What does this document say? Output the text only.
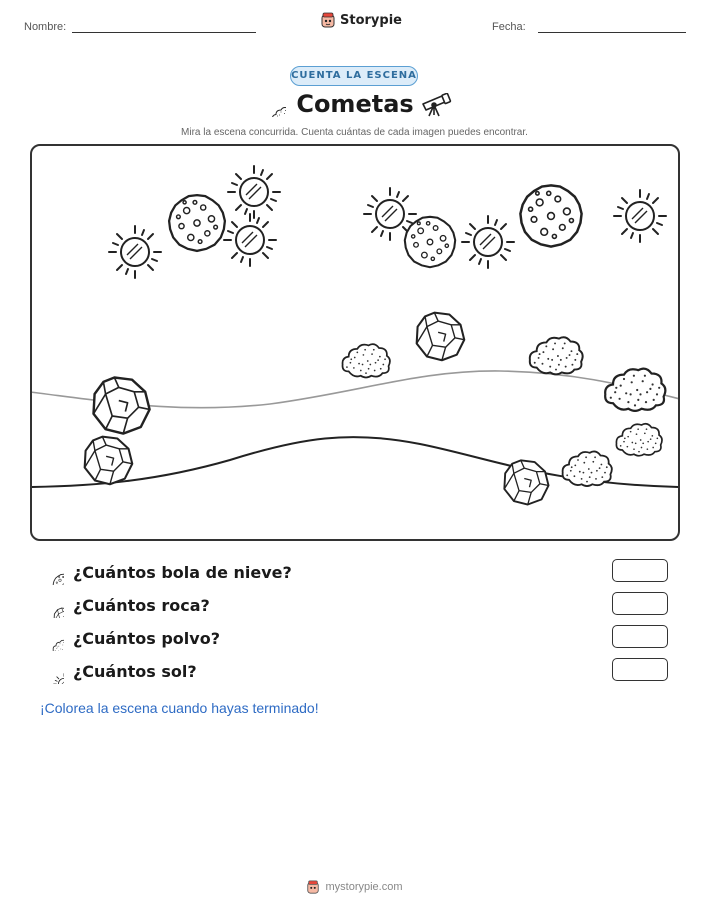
Nombre:	Storypie	Fecha:
CUENTA LA ESCENA
Cometas
Mira la escena concurrida. Cuenta cuántas de cada imagen puedes encontrar.
¿Cuántos bola de nieve?
¿Cuántos roca?
¿Cuántos polvo?
¿Cuántos sol?
¡Colorea la escena cuando hayas terminado!
mystorypie.com
